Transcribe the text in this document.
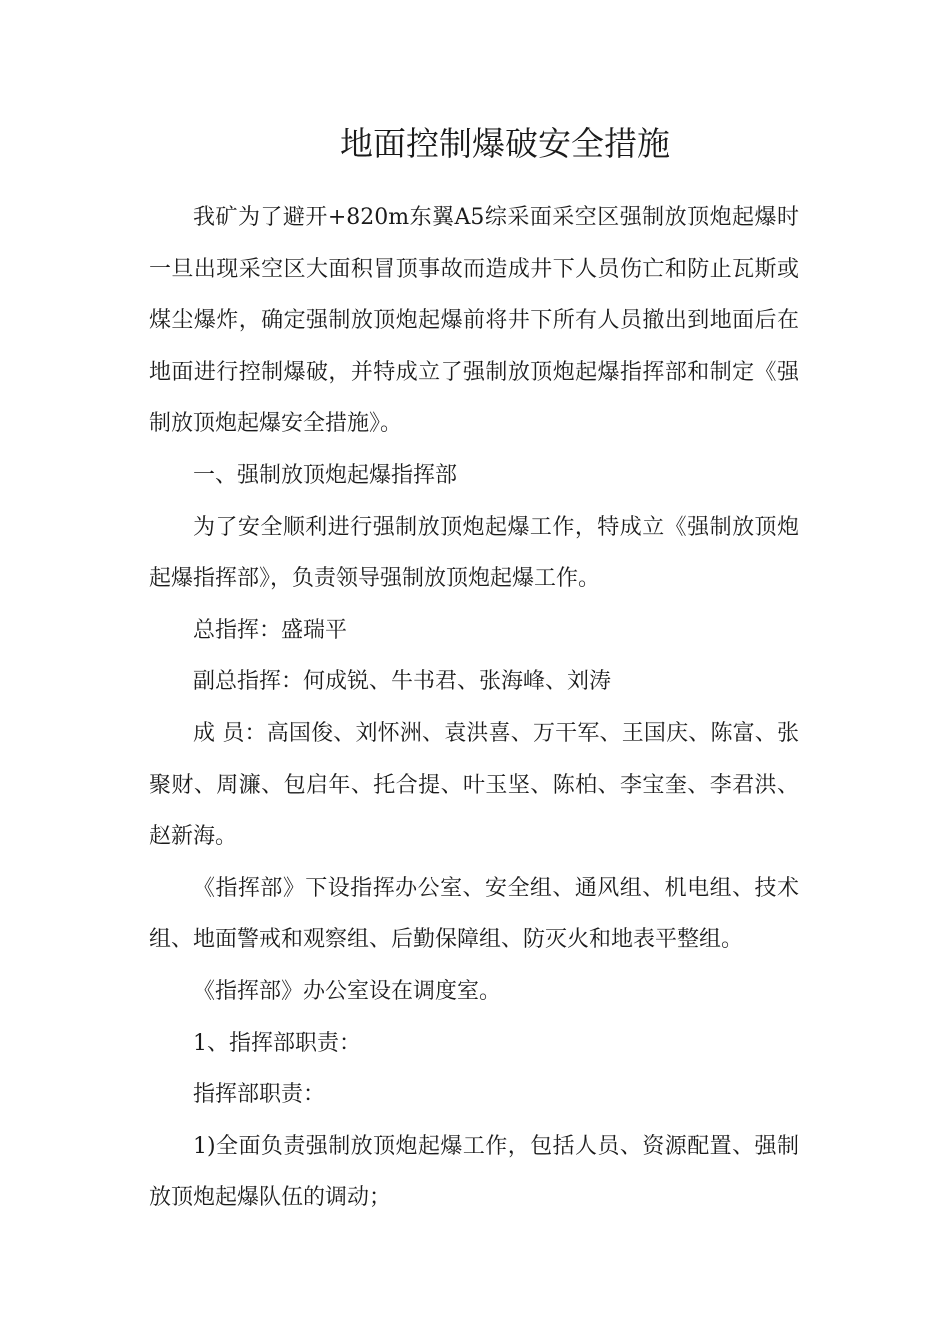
地面控制爆破安全措施

我矿为了避开+820m东翼A5综采面采空区强制放顶炮起爆时一旦出现采空区大面积冒顶事故而造成井下人员伤亡和防止瓦斯或煤尘爆炸，确定强制放顶炮起爆前将井下所有人员撤出到地面后在地面进行控制爆破，并特成立了强制放顶炮起爆指挥部和制定《强制放顶炮起爆安全措施》。

一、强制放顶炮起爆指挥部

为了安全顺利进行强制放顶炮起爆工作，特成立《强制放顶炮起爆指挥部》，负责领导强制放顶炮起爆工作。

总指挥：盛瑞平

副总指挥：何成锐、牛书君、张海峰、刘涛

成 员：高国俊、刘怀洲、袁洪喜、万干军、王国庆、陈富、张聚财、周濂、包启年、托合提、叶玉坚、陈柏、李宝奎、李君洪、赵新海。

《指挥部》下设指挥办公室、安全组、通风组、机电组、技术组、地面警戒和观察组、后勤保障组、防灭火和地表平整组。

《指挥部》办公室设在调度室。

1、指挥部职责：

指挥部职责：

1)全面负责强制放顶炮起爆工作，包括人员、资源配置、强制放顶炮起爆队伍的调动；
